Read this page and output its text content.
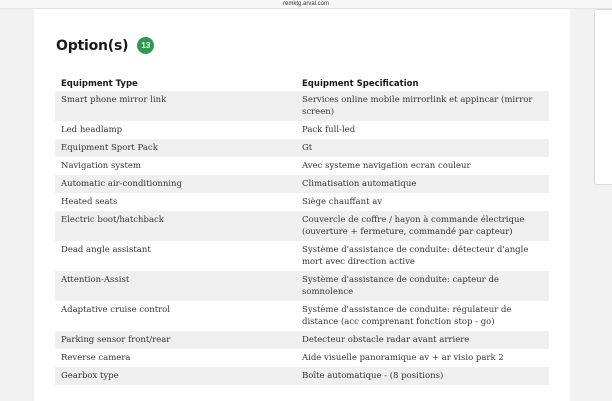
remktg.arval.com
Option(s)	13
Equipment Type	Equipment Specification
Smart phone mirror link	Services online mobile mirrorlink et appincar (mirror screen)
Led headlamp	Pack full-led
Equipment Sport Pack	Gt
Navigation system	Avec systeme navigation ecran couleur
Automatic air-conditionning	Climatisation automatique
Heated seats	Siège chauffant av
Electric boot/hatchback	Couvercle de coffre / hayon à commande électrique (ouverture + fermeture, commandé par capteur)
Dead angle assistant	Système d'assistance de conduite: détecteur d'angle mort avec direction active
Attention-Assist	Système d'assistance de conduite: capteur de somnolence
Adaptative cruise control	Système d'assistance de conduite: régulateur de distance (acc comprenant fonction stop - go)
Parking sensor front/rear	Detecteur obstacle radar avant arriere
Reverse camera	Aide visuelle panoramique av + ar visio park 2
Gearbox type	Boîte automatique - (8 positions)
